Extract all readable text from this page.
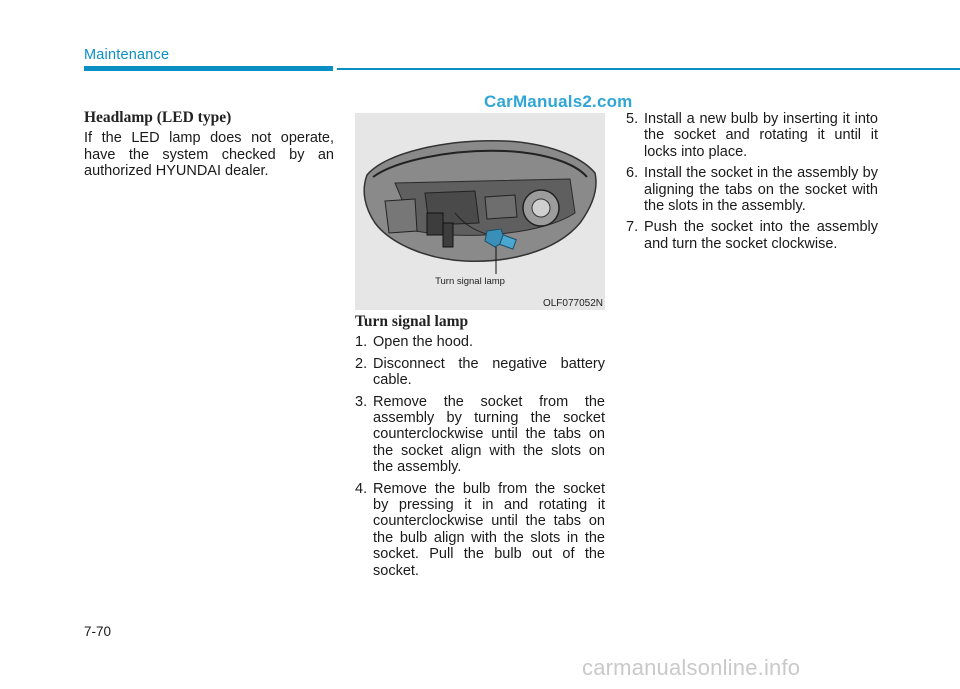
Maintenance
CarManuals2.com
Headlamp (LED type)

If the LED lamp does not operate, have the system checked by an authorized HYUNDAI dealer.

Turn signal lamp
OLF077052N
Turn signal lamp
1. Open the hood.
2. Disconnect the negative battery cable.
3. Remove the socket from the assembly by turning the socket counterclockwise until the tabs on the socket align with the slots on the assembly.
4. Remove the bulb from the socket by pressing it in and rotating it counterclockwise until the tabs on the bulb align with the slots in the socket. Pull the bulb out of the socket.
5. Install a new bulb by inserting it into the socket and rotating it until it locks into place.
6. Install the socket in the assembly by aligning the tabs on the socket with the slots in the assembly.
7. Push the socket into the assembly and turn the socket clockwise.
7-70
carmanualsonline.info
